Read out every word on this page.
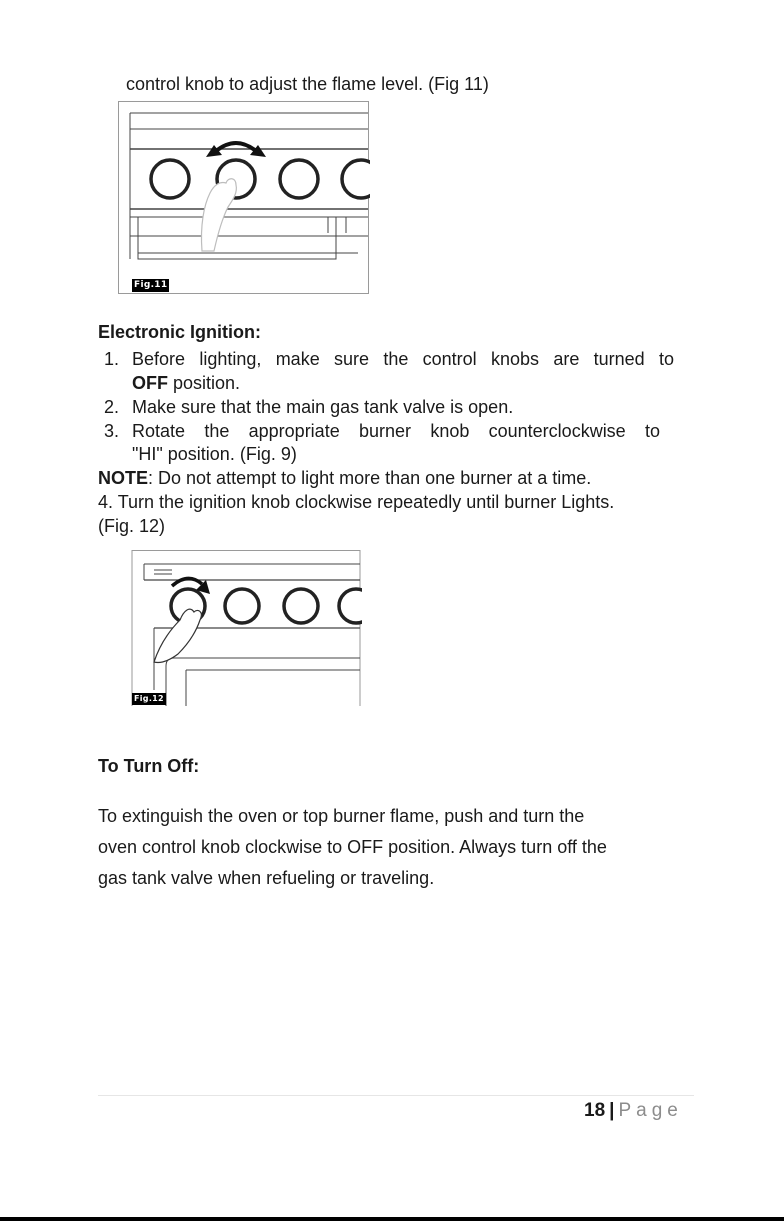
control knob to adjust the flame level. (Fig 11)
Fig.11
Electronic Ignition:
1. Before lighting, make sure the control knobs are turned to
OFF position.
2. Make sure that the main gas tank valve is open.
3. Rotate the appropriate burner knob counterclockwise to
"HI" position. (Fig. 9)
NOTE: Do not attempt to light more than one burner at a time.
4. Turn the ignition knob clockwise repeatedly until burner Lights.
(Fig. 12)
Fig.12
To Turn Off:
To extinguish the oven or top burner flame, push and turn the
oven control knob clockwise to OFF position. Always turn off the
gas tank valve when refueling or traveling.
18 | Page
